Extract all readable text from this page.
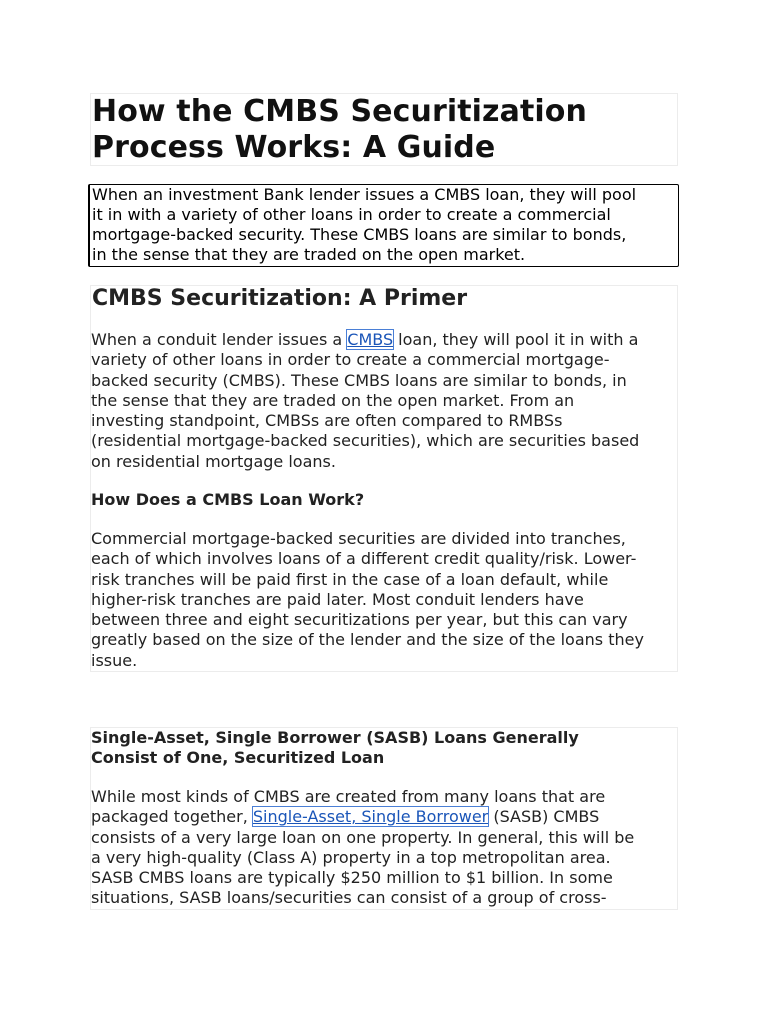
How the CMBS Securitization
Process Works: A Guide

When an investment Bank lender issues a CMBS loan, they will pool

it in with a variety of other loans in order to create a commercial

mortgage-backed security. These CMBS loans are similar to bonds,

in the sense that they are traded on the open market.

CMBS Securitization: A Primer

When a conduit lender issues a CMBS loan, they will pool it in with a

variety of other loans in order to create a commercial mortgage-

backed security (CMBS). These CMBS loans are similar to bonds, in

the sense that they are traded on the open market. From an

investing standpoint, CMBSs are often compared to RMBSs

(residential mortgage-backed securities), which are securities based

on residential mortgage loans.

How Does a CMBS Loan Work?

Commercial mortgage-backed securities are divided into tranches,

each of which involves loans of a different credit quality/risk. Lower-

risk tranches will be paid first in the case of a loan default, while

higher-risk tranches are paid later. Most conduit lenders have

between three and eight securitizations per year, but this can vary

greatly based on the size of the lender and the size of the loans they

issue.

Single-Asset, Single Borrower (SASB) Loans Generally

Consist of One, Securitized Loan

While most kinds of CMBS are created from many loans that are

packaged together, Single-Asset, Single Borrower (SASB) CMBS

consists of a very large loan on one property. In general, this will be

a very high-quality (Class A) property in a top metropolitan area.

SASB CMBS loans are typically $250 million to $1 billion. In some

situations, SASB loans/securities can consist of a group of cross-
